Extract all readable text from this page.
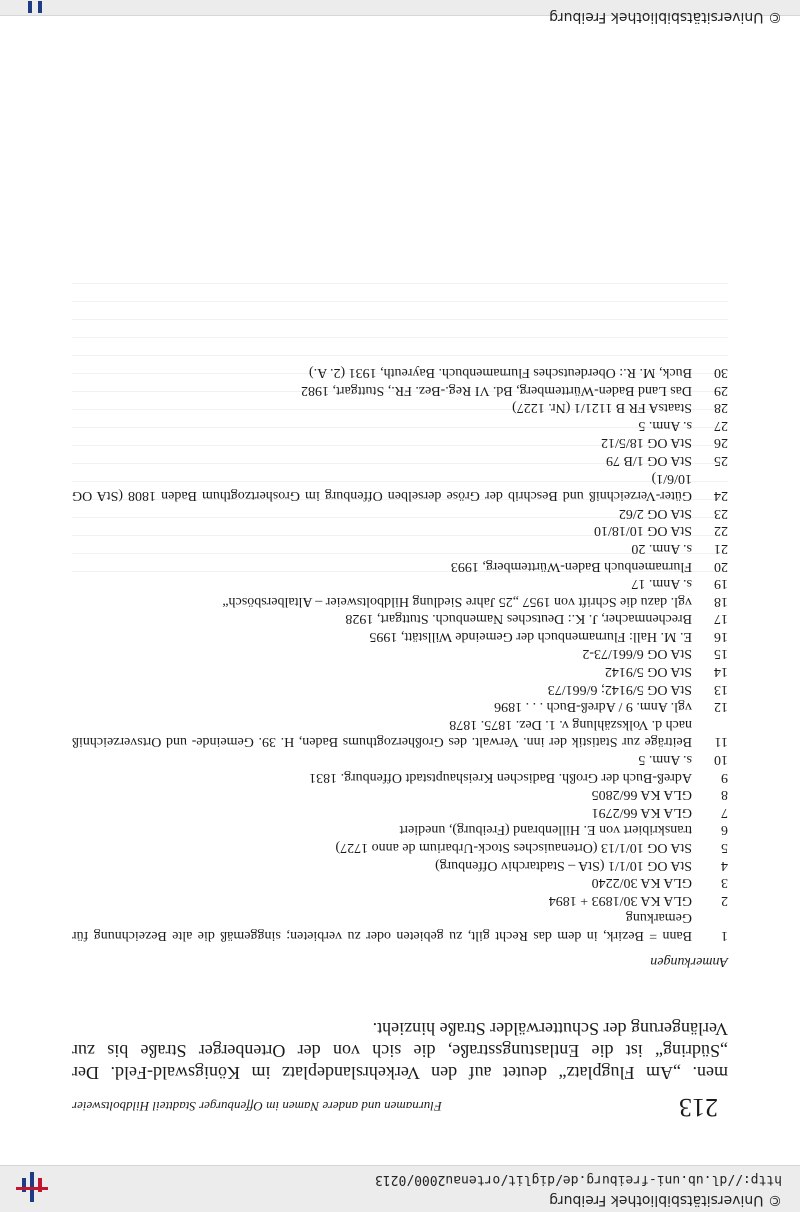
© Universitätsbibliothek Freiburg
http://dl.ub.uni-freiburg.de/diglit/ortenau2000/0213
© Universitätsbibliothek Freiburg
213
Flurnamen und andere Namen im Offenburger Stadtteil Hildboltsweier

men. „Am Flugplatz“ deutet auf den Verkehrslandeplatz im Königswald-Feld. Der „Südring“ ist die Entlastungsstraße, die sich von der Ortenberger Straße bis zur Verlängerung der Schutterwälder Straße hinzieht.

Anmerkungen
1
Bann = Bezirk, in dem das Recht gilt, zu gebieten oder zu verbieten; singgemäß die alte Bezeichnung für Gemarkung
2
GLA KA 30/1893 + 1894
3
GLA KA 30/2240
4
StA OG 10/1/1 (StA – Stadtarchiv Offenburg)
5
StA OG 10/1/13 (Ortenauisches Stock-Urbarium de anno 1727)
6
transkribiert von E. Hillenbrand (Freiburg), unediert
7
GLA KA 66/2791
8
GLA KA 66/2805
9
Adreß-Buch der Großh. Badischen Kreishauptstadt Offenburg. 1831
10
s. Anm. 5
11
Beiträge zur Statistik der inn. Verwalt. des Großherzogthums Baden, H. 39. Gemeinde- und Ortsverzeichniß nach d. Volkszählung v. 1. Dez. 1875. 1878
12
vgl. Anm. 9 / Adreß-Buch . . . 1896
13
StA OG 5/9142; 6/661/73
14
StA OG 5/9142
15
StA OG 6/661/73-2
16
E. M. Hall: Flurnamenbuch der Gemeinde Willstätt, 1995
17
Brechenmacher, J. K.: Deutsches Namenbuch. Stuttgart, 1928
18
vgl. dazu die Schrift von 1957 „25 Jahre Siedlung Hildboltsweier – Altalbersbösch“
19
s. Anm. 17
20
Flurnamenbuch Baden-Württemberg, 1993
21
s. Anm. 20
22
StA OG 10/18/10
23
StA OG 2/62
24
Güter-Verzeichniß und Beschrib der Gröse derselben Offenburg im Groshertzogthum Baden 1808 (StA OG 10/6/1)
25
StA OG 1/B 79
26
StA OG 18/5/12
27
s. Anm. 5
28
StaatsA FR B 1121/1 (Nr. 1227)
29
Das Land Baden-Württemberg, Bd. VI Reg.-Bez. FR., Stuttgart, 1982
30
Buck, M. R.: Oberdeutsches Flurnamenbuch. Bayreuth, 1931 (2. A.)
